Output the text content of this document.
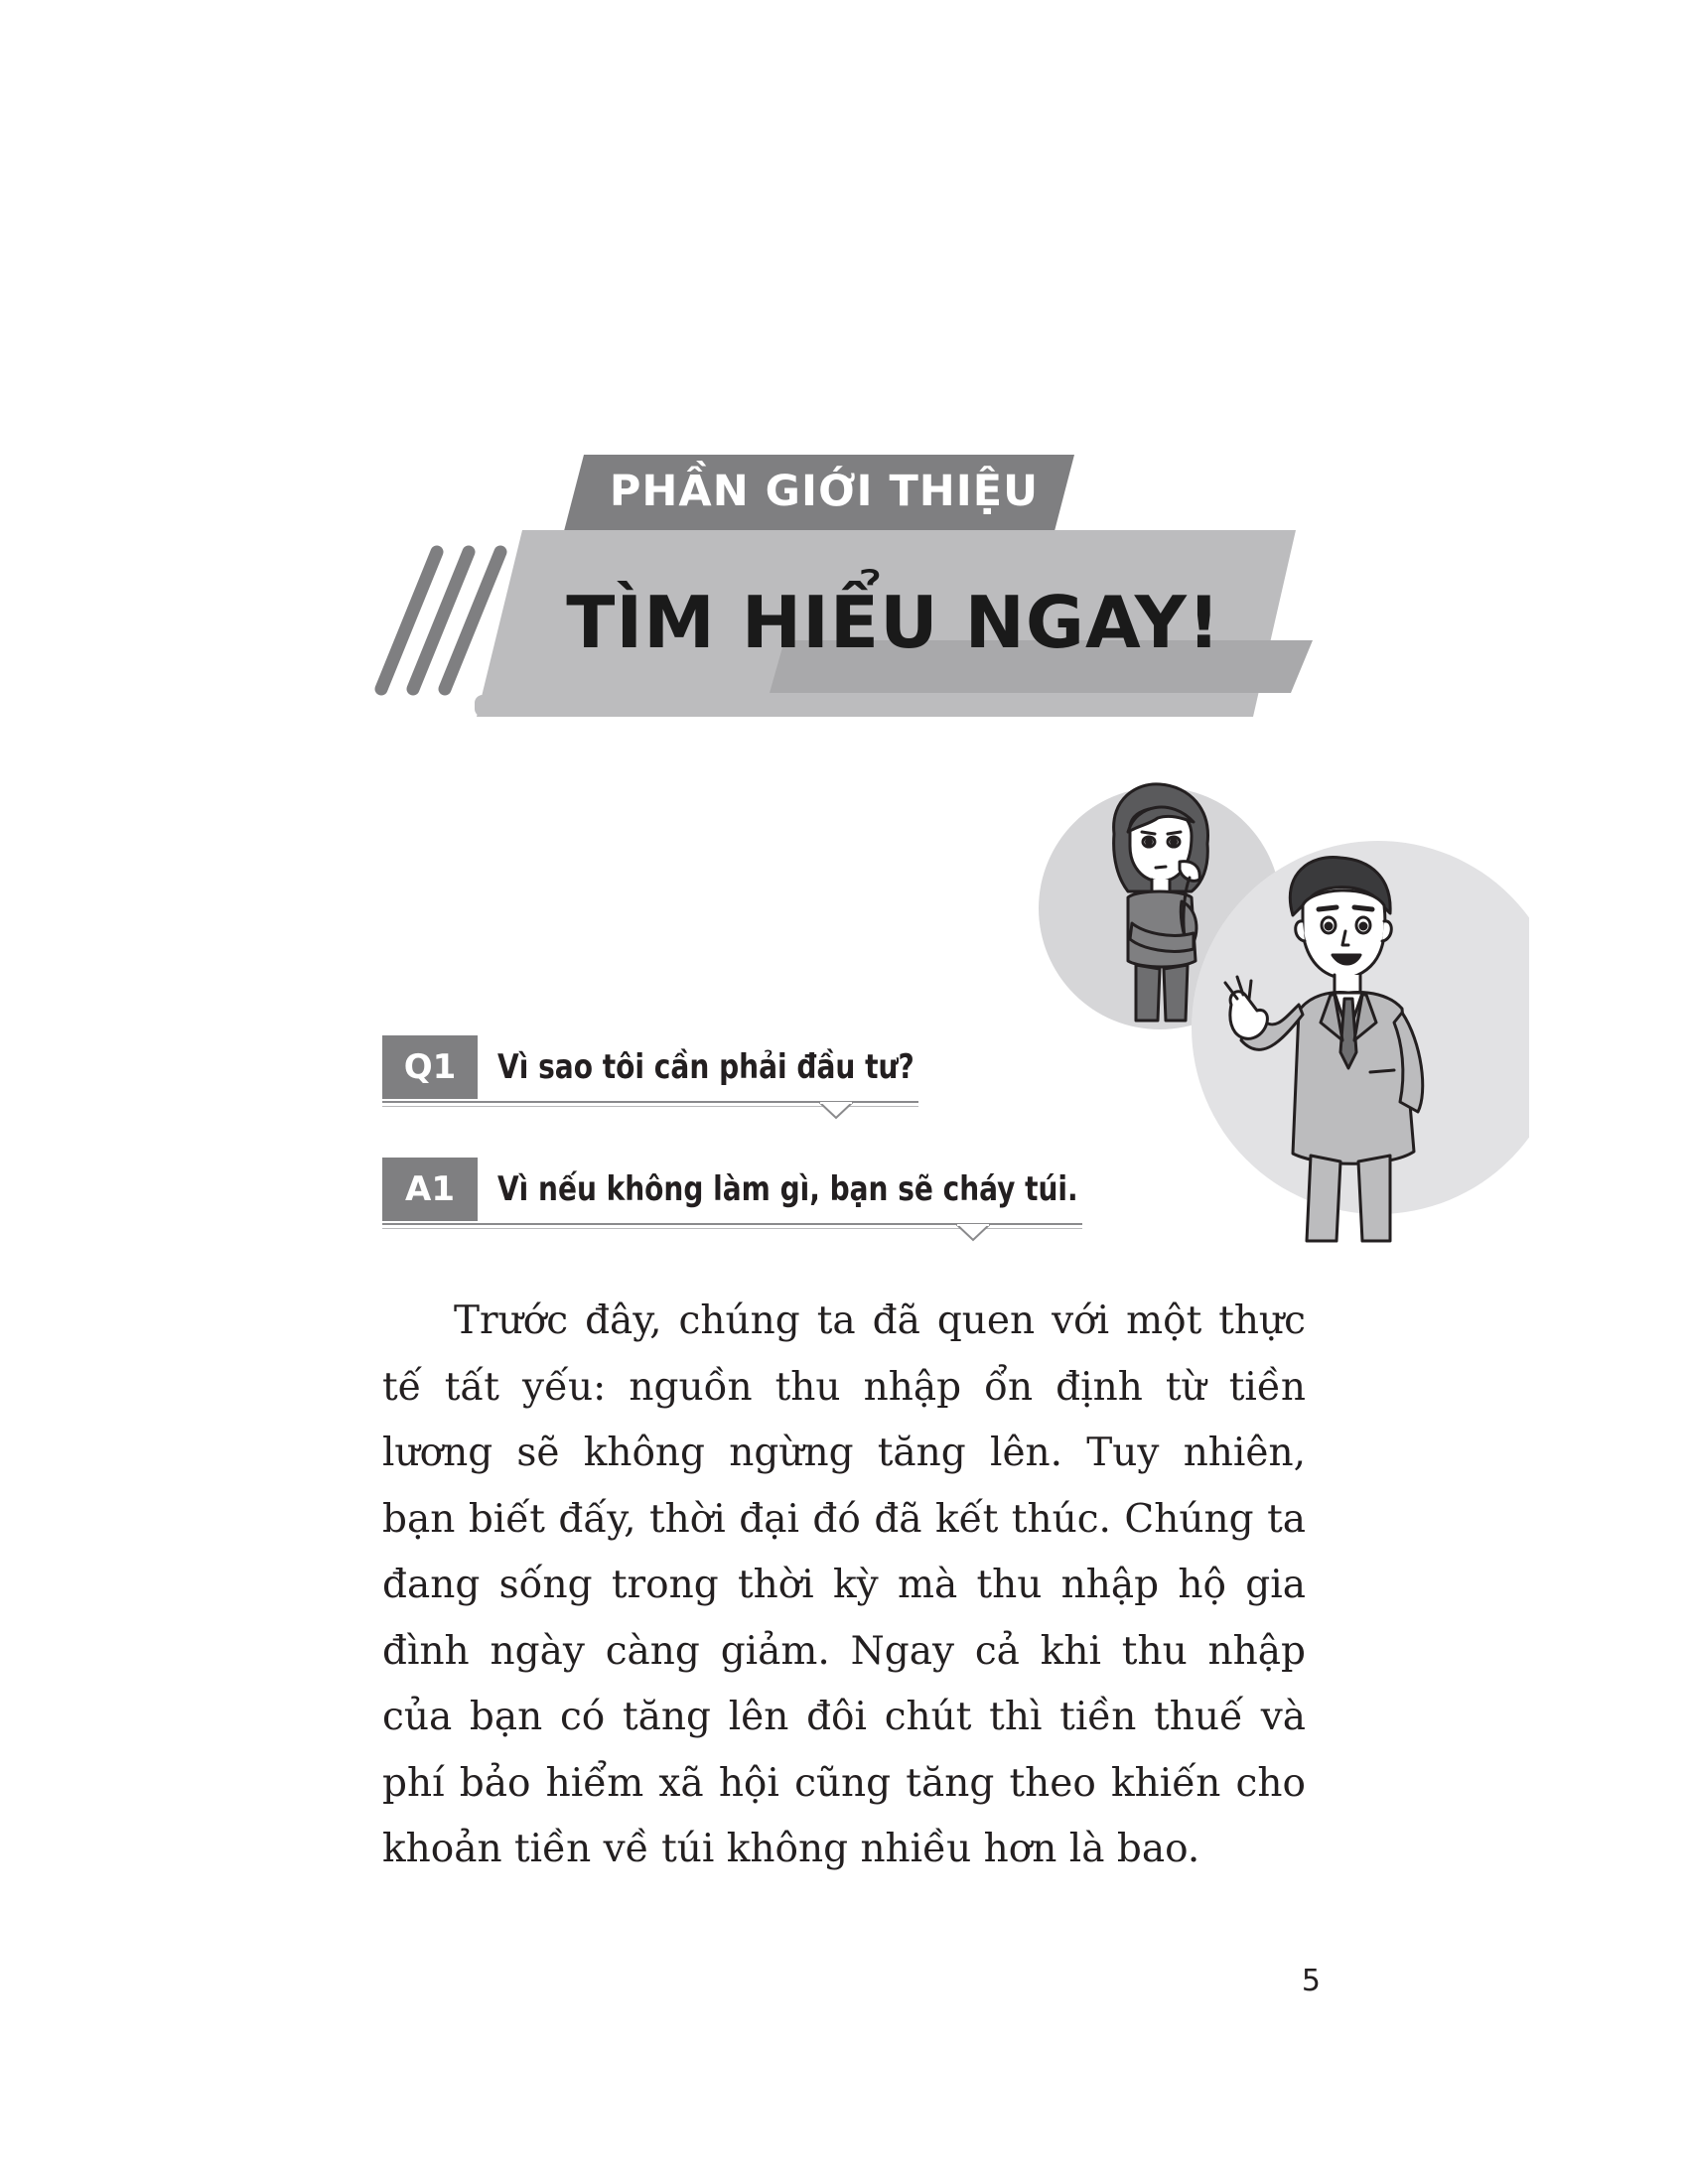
PHẦN GIỚI THIỆU
TÌM HIỂU NGAY!
Q1	Vì sao tôi cần phải đầu tư?
A1	Vì nếu không làm gì, bạn sẽ cháy túi.

Trước đây, chúng ta đã quen với một thực tế tất yếu: nguồn thu nhập ổn định từ tiền lương sẽ không ngừng tăng lên. Tuy nhiên, bạn biết đấy, thời đại đó đã kết thúc. Chúng ta đang sống trong thời kỳ mà thu nhập hộ gia đình ngày càng giảm. Ngay cả khi thu nhập của bạn có tăng lên đôi chút thì tiền thuế và phí bảo hiểm xã hội cũng tăng theo khiến cho khoản tiền về túi không nhiều hơn là bao.

5
